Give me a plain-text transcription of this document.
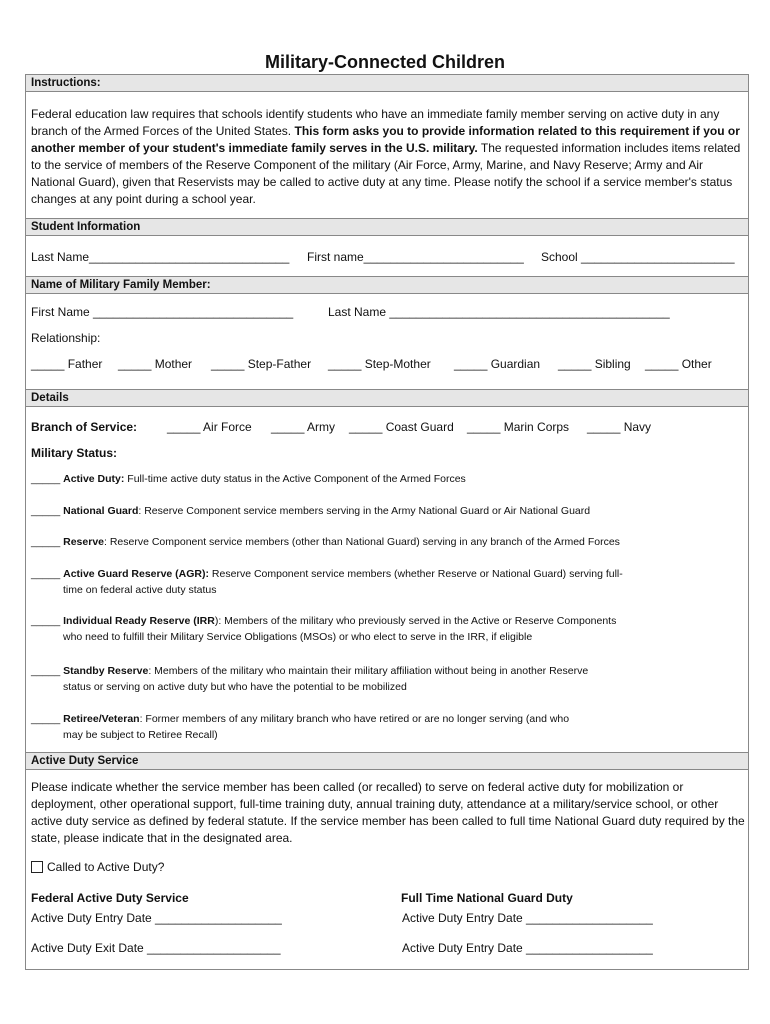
Military-Connected Children
Instructions:
Federal education law requires that schools identify students who have an immediate family member serving on active duty in any branch of the Armed Forces of the United States. This form asks you to provide information related to this requirement if you or another member of your student's immediate family serves in the U.S. military. The requested information includes items related to the service of members of the Reserve Component of the military (Air Force, Army, Marine, and Navy Reserve; Army and Air National Guard), given that Reservists may be called to active duty at any time. Please notify the school if a service member's status changes at any point during a school year.
Student Information
Last Name______________________________ First name________________________ School _______________________
Name of Military Family Member:
First Name ______________________________	Last Name __________________________________________
Relationship:
_____ Father _____ Mother _____ Step-Father _____ Step-Mother _____ Guardian _____ Sibling _____ Other
Details
Branch of Service: _____ Air Force _____ Army _____ Coast Guard _____ Marin Corps _____ Navy
Military Status:
_____ Active Duty: Full-time active duty status in the Active Component of the Armed Forces
_____ National Guard: Reserve Component service members serving in the Army National Guard or Air National Guard
_____ Reserve: Reserve Component service members (other than National Guard) serving in any branch of the Armed Forces
_____ Active Guard Reserve (AGR): Reserve Component service members (whether Reserve or National Guard) serving full-
time on federal active duty status
_____ Individual Ready Reserve (IRR): Members of the military who previously served in the Active or Reserve Components
who need to fulfill their Military Service Obligations (MSOs) or who elect to serve in the IRR, if eligible
_____ Standby Reserve: Members of the military who maintain their military affiliation without being in another Reserve
status or serving on active duty but who have the potential to be mobilized
_____ Retiree/Veteran: Former members of any military branch who have retired or are no longer serving (and who
may be subject to Retiree Recall)
Active Duty Service
Please indicate whether the service member has been called (or recalled) to serve on federal active duty for mobilization or deployment, other operational support, full-time training duty, annual training duty, attendance at a military/service school, or other active duty service as defined by federal statute. If the service member has been called to full time National Guard duty required by the state, please indicate that in the designated area.
Called to Active Duty?
Federal Active Duty Service
Active Duty Entry Date ___________________
Active Duty Exit Date ____________________
Full Time National Guard Duty
Active Duty Entry Date ___________________
Active Duty Entry Date ___________________
